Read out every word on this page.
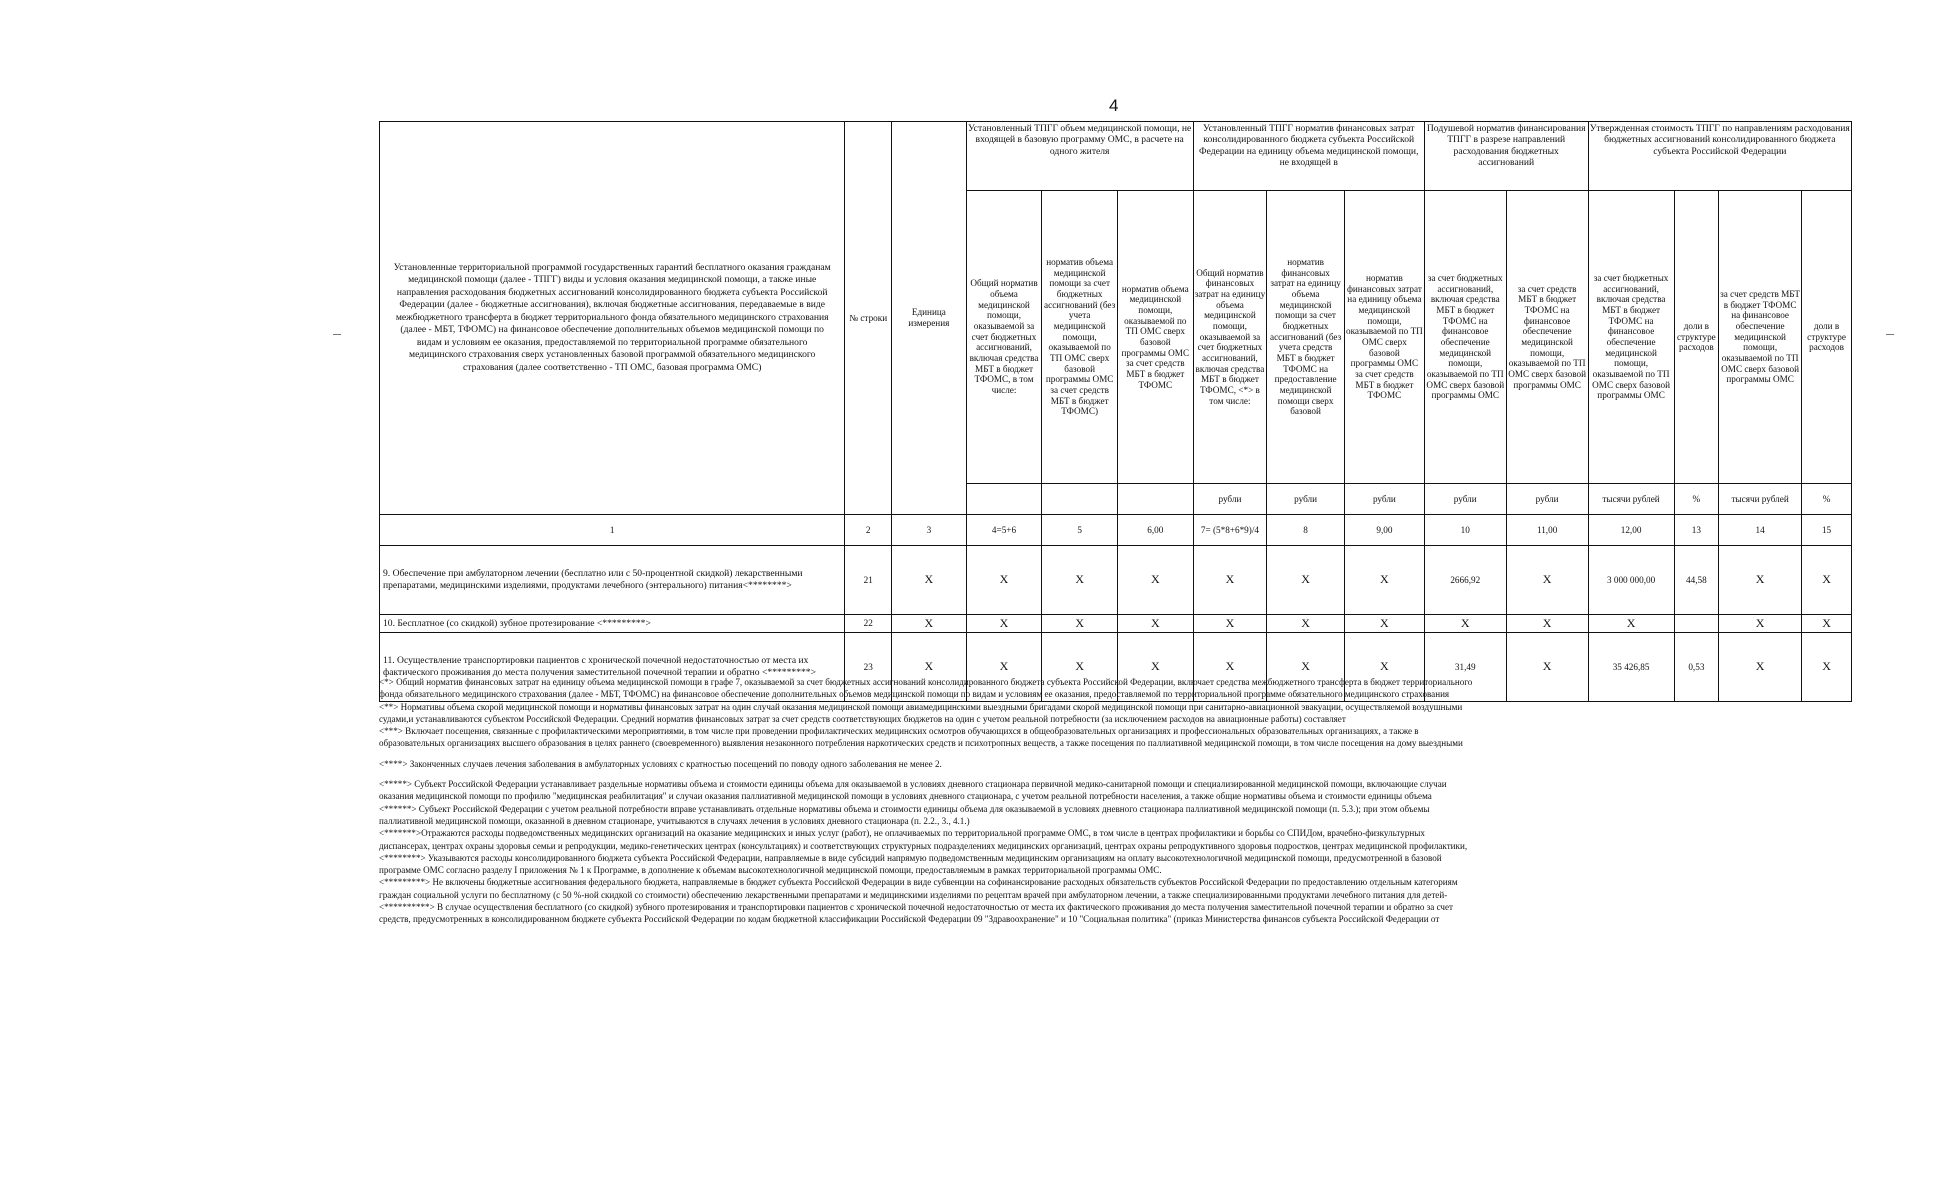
4
Установленные территориальной программой государственных гарантий бесплатного оказания гражданам медицинской помощи (далее - ТПГГ) виды и условия оказания медицинской помощи, а также иные направления расходования бюджетных ассигнований консолидированного бюджета субъекта Российской Федерации (далее - бюджетные ассигнования), включая бюджетные ассигнования, передаваемые в виде межбюджетного трансферта в бюджет территориального фонда обязательного медицинского страхования (далее - МБТ, ТФОМС) на финансовое обеспечение дополнительных объемов медицинской помощи по видам и условиям ее оказания, предоставляемой по территориальной программе обязательного медицинского страхования сверх установленных базовой программой обязательного медицинского страхования (далее соответственно - ТП ОМС, базовая программа ОМС)	№ строки	Единица измерения	Установленный ТПГГ объем медицинской помощи, не входящей в базовую программу ОМС, в расчете на одного жителя			Установленный ТПГГ норматив финансовых затрат консолидированного бюджета субъекта Российской Федерации на единицу объема медицинской помощи, не входящей в			Подушевой норматив финансирования ТПГГ в разрезе направлений расходования бюджетных ассигнований		Утвержденная стоимость ТПГГ по направлениям расходования бюджетных ассигнований консолидированного бюджета субъекта Российской Федерации			
			Общий норматив объема медицинской помощи, оказываемой за счет бюджетных ассигнований, включая средства МБТ в бюджет ТФОМС, в том числе:	норматив объема медицинской помощи за счет бюджетных ассигнований (без учета медицинской помощи, оказываемой по ТП ОМС сверх базовой программы ОМС за счет средств МБТ в бюджет ТФОМС)	норматив объема медицинской помощи, оказываемой по ТП ОМС сверх базовой программы ОМС за счет средств МБТ в бюджет ТФОМС	Общий норматив финансовых затрат на единицу объема медицинской помощи, оказываемой за счет бюджетных ассигнований, включая средства МБТ в бюджет ТФОМС, <*> в том числе:	норматив финансовых затрат на единицу объема медицинской помощи за счет бюджетных ассигнований (без учета средств МБТ в бюджет ТФОМС на предоставление медицинской помощи сверх базовой	норматив финансовых затрат на единицу объема медицинской помощи, оказываемой по ТП ОМС сверх базовой программы ОМС за счет средств МБТ в бюджет ТФОМС	за счет бюджетных ассигнований, включая средства МБТ в бюджет ТФОМС на финансовое обеспечение медицинской помощи, оказываемой по ТП ОМС сверх базовой программы ОМС	за счет средств МБТ в бюджет ТФОМС на финансовое обеспечение медицинской помощи, оказываемой по ТП ОМС сверх базовой программы ОМС	за счет бюджетных ассигнований, включая средства МБТ в бюджет ТФОМС на финансовое обеспечение медицинской помощи, оказываемой по ТП ОМС сверх базовой программы ОМС	доли в структуре расходов	за счет средств МБТ в бюджет ТФОМС на финансовое обеспечение медицинской помощи, оказываемой по ТП ОМС сверх базовой программы ОМС	доли в структуре расходов
						рубли	рубли	рубли	рубли	рубли	тысячи рублей	%	тысячи рублей	%
1	2	3	4=5+6	5	6,00	7= (5*8+6*9)/4	8	9,00	10	11,00	12,00	13	14	15
9. Обеспечение при амбулаторном лечении (бесплатно или с 50-процентной скидкой) лекарственными препаратами, медицинскими изделиями, продуктами лечебного (энтерального) питания<********>	21	X	X	X	X	X	X	X	2666,92	X	3 000 000,00	44,58	X	X
10. Бесплатное (со скидкой) зубное протезирование <*********>	22	X	X	X	X	X	X	X	X	X	X		X	X
11. Осуществление транспортировки пациентов с хронической почечной недостаточностью от места их фактического проживания до места получения заместительной почечной терапии и обратно <*********>	23	X	X	X	X	X	X	X	31,49	X	35 426,85	0,53	X	X

<*> Общий норматив финансовых затрат на единицу объема медицинской помощи в графе 7, оказываемой за счет бюджетных ассигнований консолидированного бюджета субъекта Российской Федерации, включает средства межбюджетного трансферта в бюджет территориального

фонда обязательного медицинского страхования (далее - МБТ, ТФОМС) на финансовое обеспечение дополнительных объемов медицинской помощи по видам и условиям ее оказания, предоставляемой по территориальной программе обязательного медицинского страхования

<**> Нормативы объема скорой медицинской помощи и нормативы финансовых затрат на один случай оказания медицинской помощи авиамедицинскими выездными бригадами скорой медицинской помощи при санитарно-авиационной эвакуации, осуществляемой воздушными

судами,и устанавливаются субъектом Российской Федерации. Средний норматив финансовых затрат за счет средств соответствующих бюджетов на один с учетом реальной потребности (за исключением расходов на авиационные работы) составляет

<***> Включает посещения, связанные с профилактическими мероприятиями, в том числе при проведении профилактических медицинских осмотров обучающихся в общеобразовательных организациях и профессиональных образовательных организациях, а также в

образовательных организациях высшего образования в целях раннего (своевременного) выявления незаконного потребления наркотических средств и психотропных веществ, а также посещения по паллиативной медицинской помощи, в том числе посещения на дому выездными

<****> Законченных случаев лечения заболевания в амбулаторных условиях с кратностью посещений по поводу одного заболевания не менее 2.

<*****> Субъект Российской Федерации устанавливает раздельные нормативы объема и стоимости единицы объема для оказываемой в условиях дневного стационара первичной медико-санитарной помощи и специализированной медицинской помощи, включающие случаи

оказания медицинской помощи по профилю "медицинская реабилитация" и случаи оказания паллиативной медицинской помощи в условиях дневного стационара, с учетом реальной потребности населения, а также общие нормативы объема и стоимости единицы объема

<******> Субъект Российской Федерации с учетом реальной потребности вправе устанавливать отдельные нормативы объема и стоимости единицы объема для оказываемой в условиях дневного стационара паллиативной медицинской помощи (п. 5.3.); при этом объемы

паллиативной медицинской помощи, оказанной в дневном стационаре, учитываются в случаях лечения в условиях дневного стационара (п. 2.2., 3., 4.1.)

<*******>Отражаются расходы подведомственных медицинских организаций на оказание медицинских и иных услуг (работ), не оплачиваемых по территориальной программе ОМС, в том числе в центрах профилактики и борьбы со СПИДом, врачебно-физкультурных

диспансерах, центрах охраны здоровья семьи и репродукции, медико-генетических центрах (консультациях) и соответствующих структурных подразделениях медицинских организаций, центрах охраны репродуктивного здоровья подростков, центрах медицинской профилактики,

<********> Указываются расходы консолидированного бюджета субъекта Российской Федерации, направляемые в виде субсидий напрямую подведомственным медицинским организациям на оплату высокотехнологичной медицинской помощи, предусмотренной в базовой

программе ОМС согласно разделу I приложения № 1 к Программе, в дополнение к объемам высокотехнологичной медицинской помощи, предоставляемым в рамках территориальной программы ОМС.

<*********> Не включены бюджетные ассигнования федерального бюджета, направляемые в бюджет субъекта Российской Федерации в виде субвенции на софинансирование расходных обязательств субъектов Российской Федерации по предоставлению отдельным категориям

граждан социальной услуги по бесплатному (с 50 %-ной скидкой со стоимости) обеспечению лекарственными препаратами и медицинскими изделиями по рецептам врачей при амбулаторном лечении, а также специализированными продуктами лечебного питания для детей-

<**********> В случае осуществления бесплатного (со скидкой) зубного протезирования и транспортировки пациентов с хронической почечной недостаточностью от места их фактического проживания до места получения заместительной почечной терапии и обратно за счет

средств, предусмотренных в консолидированном бюджете субъекта Российской Федерации по кодам бюджетной классификации Российской Федерации 09 "Здравоохранение" и 10 "Социальная политика" (приказ Министерства финансов субъекта Российской Федерации от
